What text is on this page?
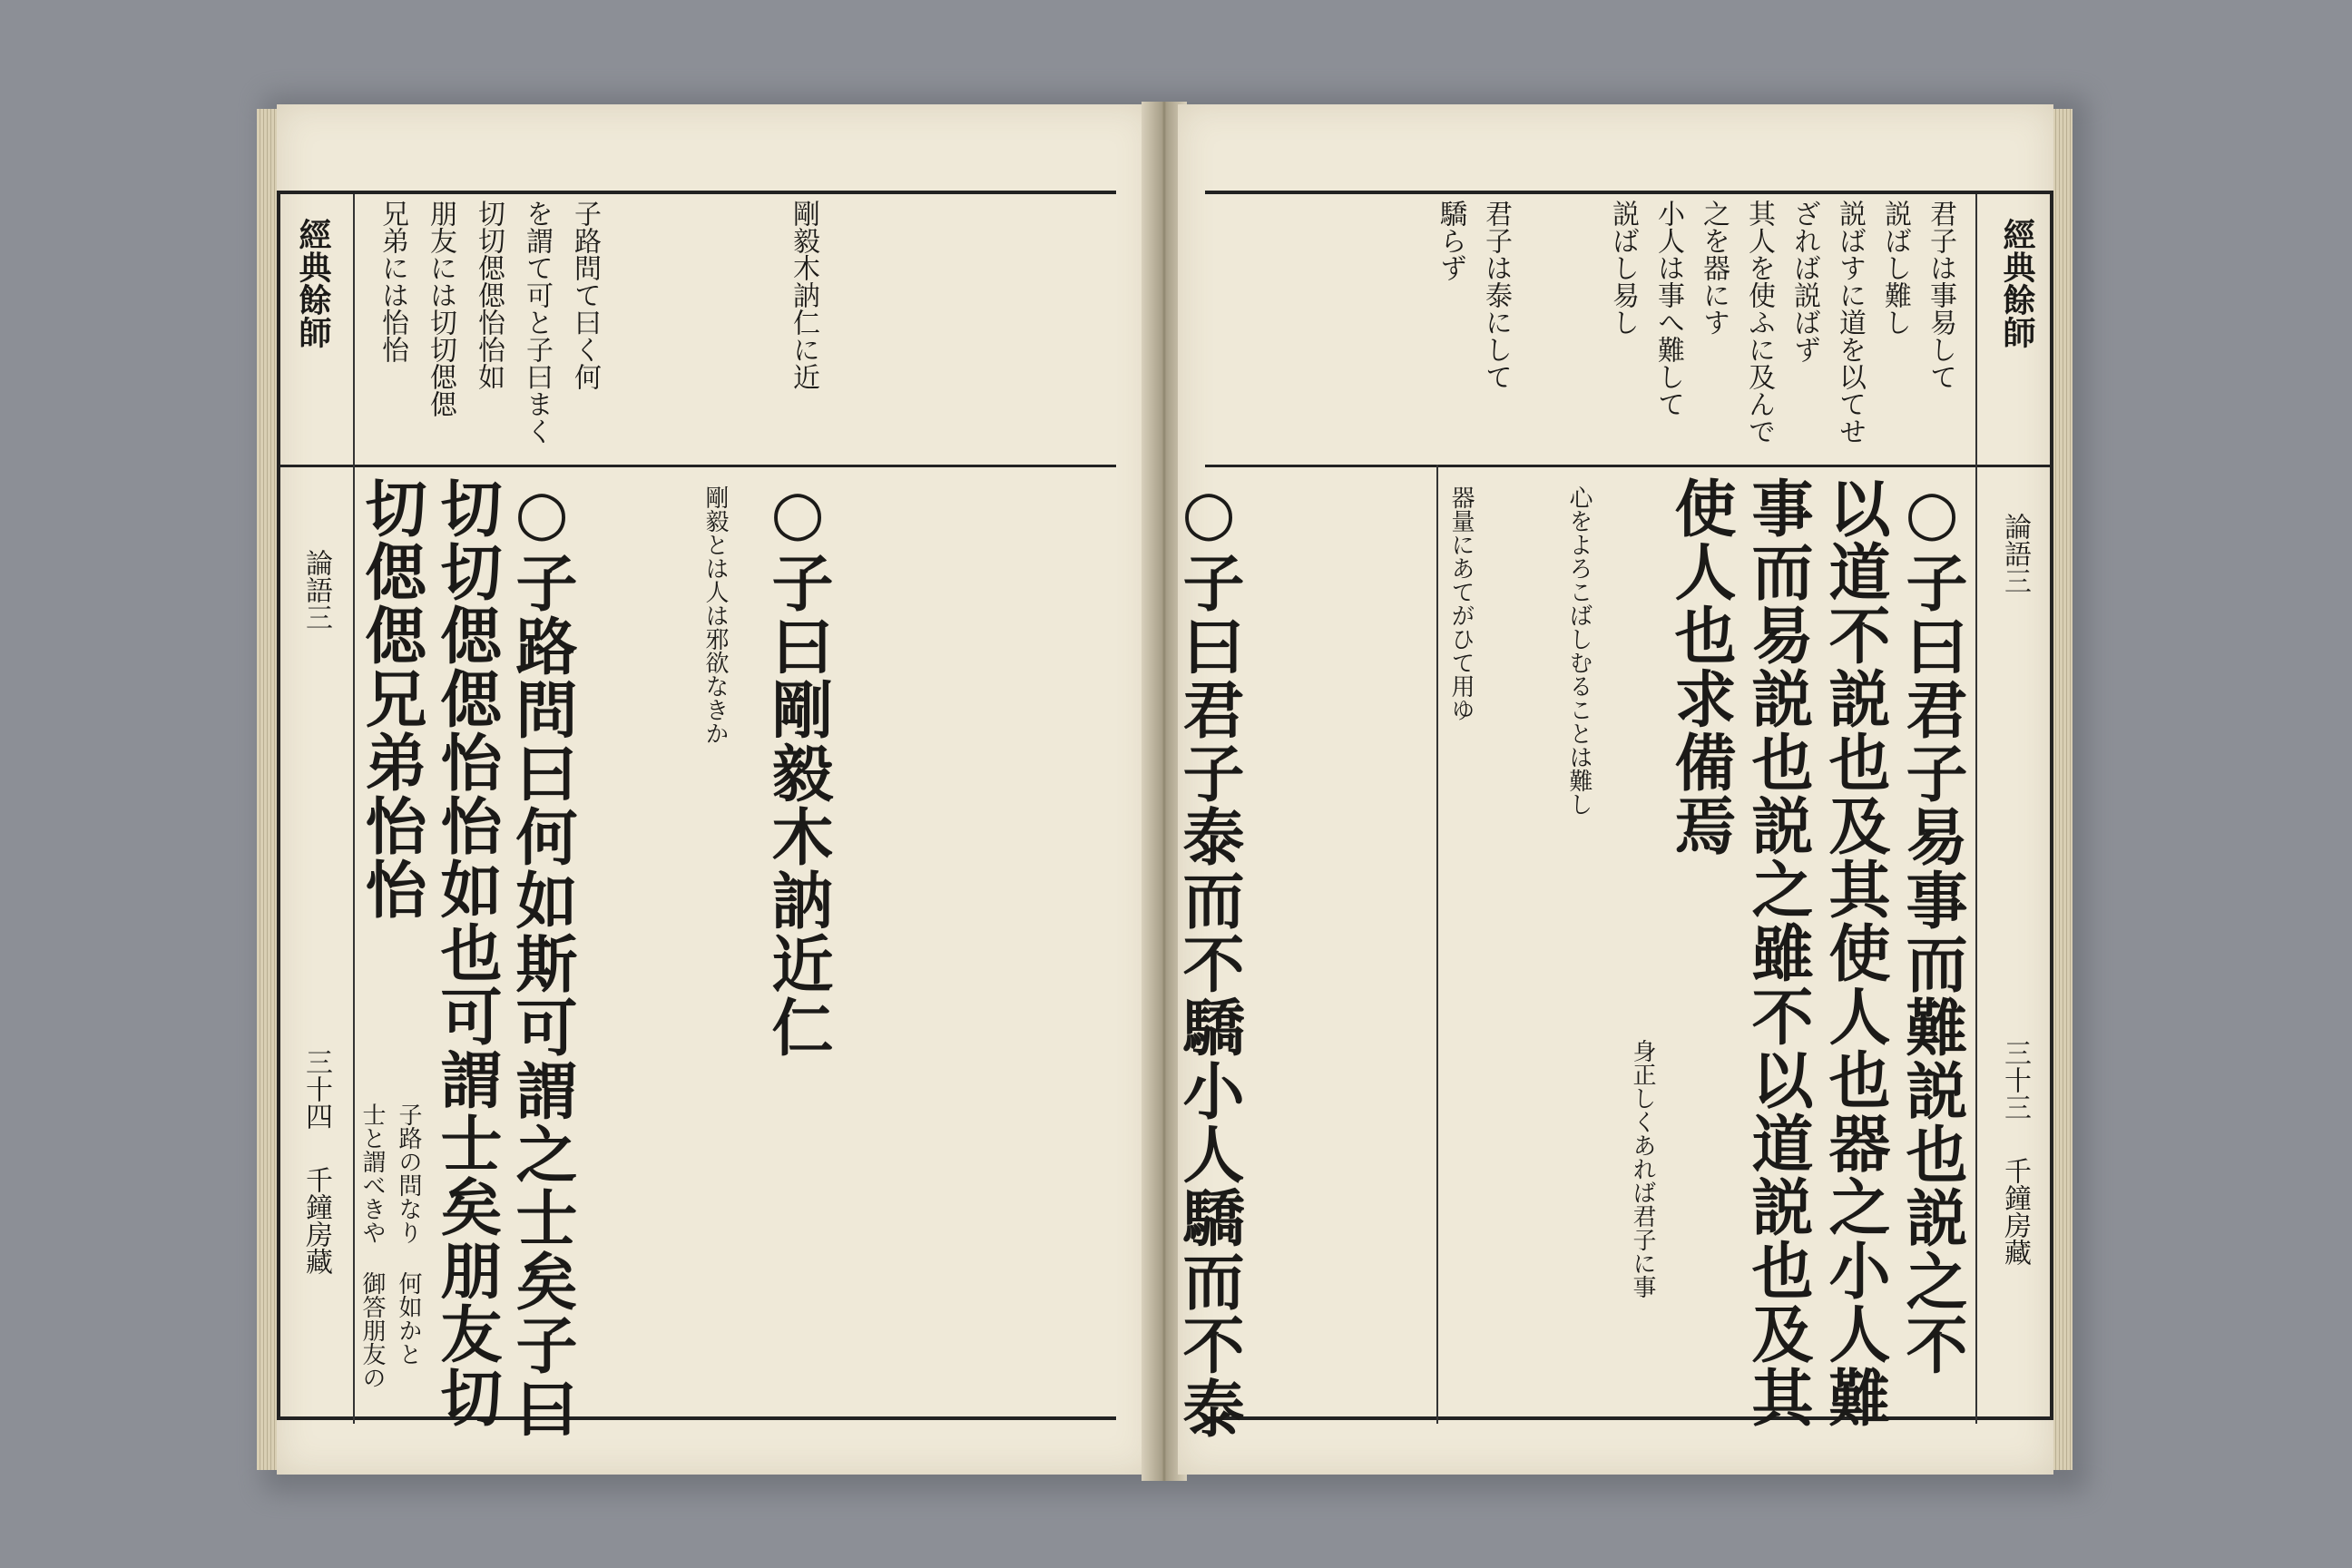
經典餘師
論語三
三十四
千鐘房藏
兄弟には怡怡 朋友には切切偲偲 切切偲偲怡怡如 を謂て可と子曰まく 子路問て曰く何	剛毅木訥仁に近
切偲偲兄弟怡怡 切切偲偲怡怡如也可謂士矣朋友切 ○子路問曰何如斯可謂之士矣子曰	○子曰剛毅木訥近仁
士と謂べきや 御答朋友の 子路の問なり 何如かと
剛毅とは人は邪欲なきか
經典餘師
論語三
三十三
千鐘房藏
君子は事易して
説ばし難し
説ばすに道を以てせ
ざれば説ばず
其人を使ふに及んで
之を器にす
小人は事へ難して
説ばし易し
君子は泰にして
驕らず
○子曰君子易事而難説也説之不
以道不説也及其使人也器之小人難
事而易説也説之雖不以道説也及其
使人也求備焉
○子曰君子泰而不驕小人驕而不泰	身正しくあれば君子に事
心をよろこばしむることは難し
器量にあてがひて用ゆ
